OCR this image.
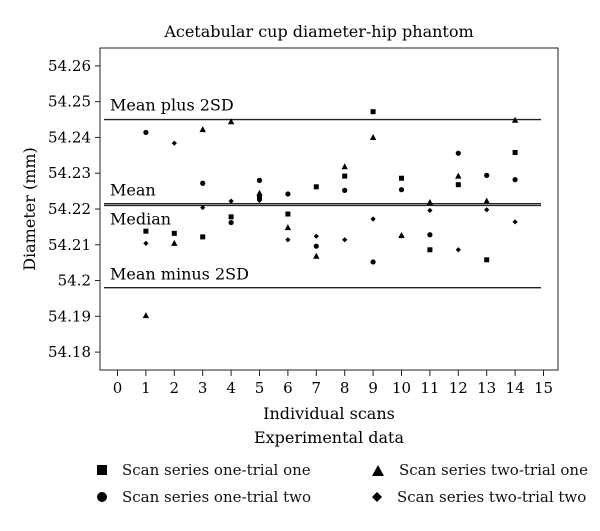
Acetabular cup diameter-hip phantom
54.18
54.19
54.2
54.21
54.22
54.23
54.24
54.25
54.26
0 1 2 3 4 5 6 7 8 9 10 11 12 13 14 15
Mean plus 2SD
Mean
Median
Mean minus 2SD
Diameter (mm)
Individual scans
Experimental data
Scan series one-trial one
Scan series one-trial two
Scan series two-trial one
Scan series two-trial two
